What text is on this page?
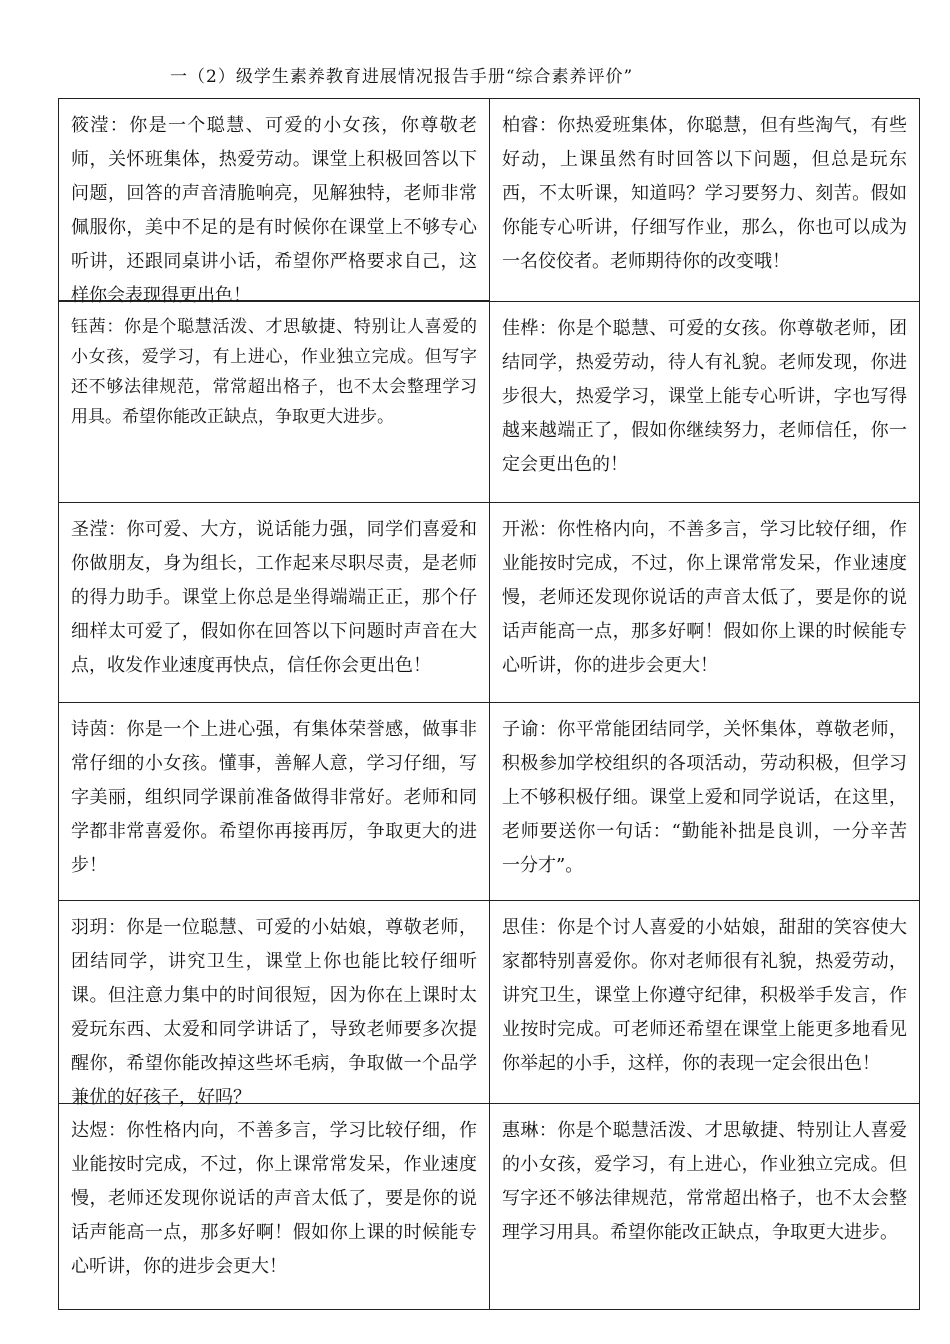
一（2）级学生素养教育进展情况报告手册“综合素养评价”
筱滢：你是一个聪慧、可爱的小女孩，你尊敬老师，关怀班集体，热爱劳动。课堂上积极回答以下问题，回答的声音清脆响亮，见解独特，老师非常佩服你，美中不足的是有时候你在课堂上不够专心听讲，还跟同桌讲小话，希望你严格要求自己，这样你会表现得更出色！
柏睿：你热爱班集体，你聪慧，但有些淘气，有些好动，上课虽然有时回答以下问题，但总是玩东西，不太听课，知道吗？学习要努力、刻苦。假如你能专心听讲，仔细写作业，那么，你也可以成为一名佼佼者。老师期待你的改变哦！
钰茜：你是个聪慧活泼、才思敏捷、特别让人喜爱的小女孩，爱学习，有上进心，作业独立完成。但写字还不够法律规范，常常超出格子，也不太会整理学习用具。希望你能改正缺点，争取更大进步。
佳桦：你是个聪慧、可爱的女孩。你尊敬老师，团结同学，热爱劳动，待人有礼貌。老师发现，你进步很大，热爱学习，课堂上能专心听讲，字也写得越来越端正了，假如你继续努力，老师信任，你一定会更出色的！
圣滢：你可爱、大方，说话能力强，同学们喜爱和你做朋友，身为组长，工作起来尽职尽责，是老师的得力助手。课堂上你总是坐得端端正正，那个仔细样太可爱了，假如你在回答以下问题时声音在大点，收发作业速度再快点，信任你会更出色！
开淞：你性格内向，不善多言，学习比较仔细，作业能按时完成，不过，你上课常常发呆，作业速度慢，老师还发现你说话的声音太低了，要是你的说话声能高一点，那多好啊！假如你上课的时候能专心听讲，你的进步会更大！
诗茵：你是一个上进心强，有集体荣誉感，做事非常仔细的小女孩。懂事，善解人意，学习仔细，写字美丽，组织同学课前准备做得非常好。老师和同学都非常喜爱你。希望你再接再厉，争取更大的进步！
子谕：你平常能团结同学，关怀集体，尊敬老师，积极参加学校组织的各项活动，劳动积极，但学习上不够积极仔细。课堂上爱和同学说话，在这里，老师要送你一句话：“勤能补拙是良训，一分辛苦一分才”。
羽玥：你是一位聪慧、可爱的小姑娘，尊敬老师，团结同学，讲究卫生，课堂上你也能比较仔细听课。但注意力集中的时间很短，因为你在上课时太爱玩东西、太爱和同学讲话了，导致老师要多次提醒你，希望你能改掉这些坏毛病，争取做一个品学兼优的好孩子，好吗？
思佳：你是个讨人喜爱的小姑娘，甜甜的笑容使大家都特别喜爱你。你对老师很有礼貌，热爱劳动，讲究卫生，课堂上你遵守纪律，积极举手发言，作业按时完成。可老师还希望在课堂上能更多地看见你举起的小手，这样，你的表现一定会很出色！
达煜：你性格内向，不善多言，学习比较仔细，作业能按时完成，不过，你上课常常发呆，作业速度慢，老师还发现你说话的声音太低了，要是你的说话声能高一点，那多好啊！假如你上课的时候能专心听讲，你的进步会更大！
惠琳：你是个聪慧活泼、才思敏捷、特别让人喜爱的小女孩，爱学习，有上进心，作业独立完成。但写字还不够法律规范，常常超出格子，也不太会整理学习用具。希望你能改正缺点，争取更大进步。
